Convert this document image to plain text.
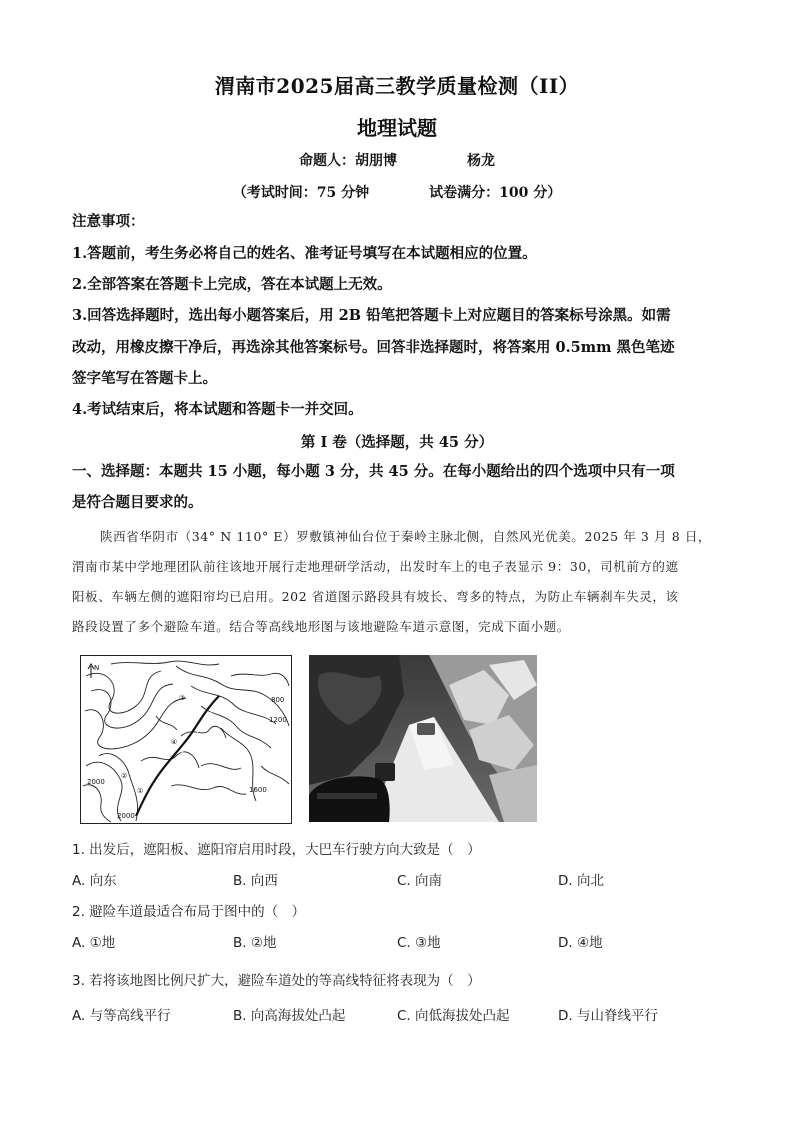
渭南市2025届高三教学质量检测（II）
地理试题
命题人：胡朋博	杨龙
（考试时间：75 分钟	试卷满分：100 分）
注意事项：
1.答题前，考生务必将自己的姓名、准考证号填写在本试题相应的位置。
2.全部答案在答题卡上完成，答在本试题上无效。
3.回答选择题时，选出每小题答案后，用 2B 铅笔把答题卡上对应题目的答案标号涂黑。如需
改动，用橡皮擦干净后，再选涂其他答案标号。回答非选择题时，将答案用 0.5mm 黑色笔迹
签字笔写在答题卡上。
4.考试结束后，将本试题和答题卡一并交回。
第 I 卷（选择题，共 45 分）
一、选择题：本题共 15 小题，每小题 3 分，共 45 分。在每小题给出的四个选项中只有一项
是符合题目要求的。
陕西省华阴市（34° N 110° E）罗敷镇神仙台位于秦岭主脉北侧，自然风光优美。2025 年 3 月 8 日，
渭南市某中学地理团队前往该地开展行走地理研学活动，出发时车上的电子表显示 9：30，司机前方的遮
阳板、车辆左侧的遮阳帘均已启用。202 省道图示路段具有坡长、弯多的特点，为防止车辆刹车失灵，该
路段设置了多个避险车道。结合等高线地形图与该地避险车道示意图，完成下面小题。
N
2000
2000
1600
800
1200
①
②
③
④
1. 出发后，遮阳板、遮阳帘启用时段，大巴车行驶方向大致是（　）
A. 向东	B. 向西	C. 向南	D. 向北
2. 避险车道最适合布局于图中的（　）
A. ①地	B. ②地	C. ③地	D. ④地
3. 若将该地图比例尺扩大，避险车道处的等高线特征将表现为（　）
A. 与等高线平行	B. 向高海拔处凸起	C. 向低海拔处凸起	D. 与山脊线平行
